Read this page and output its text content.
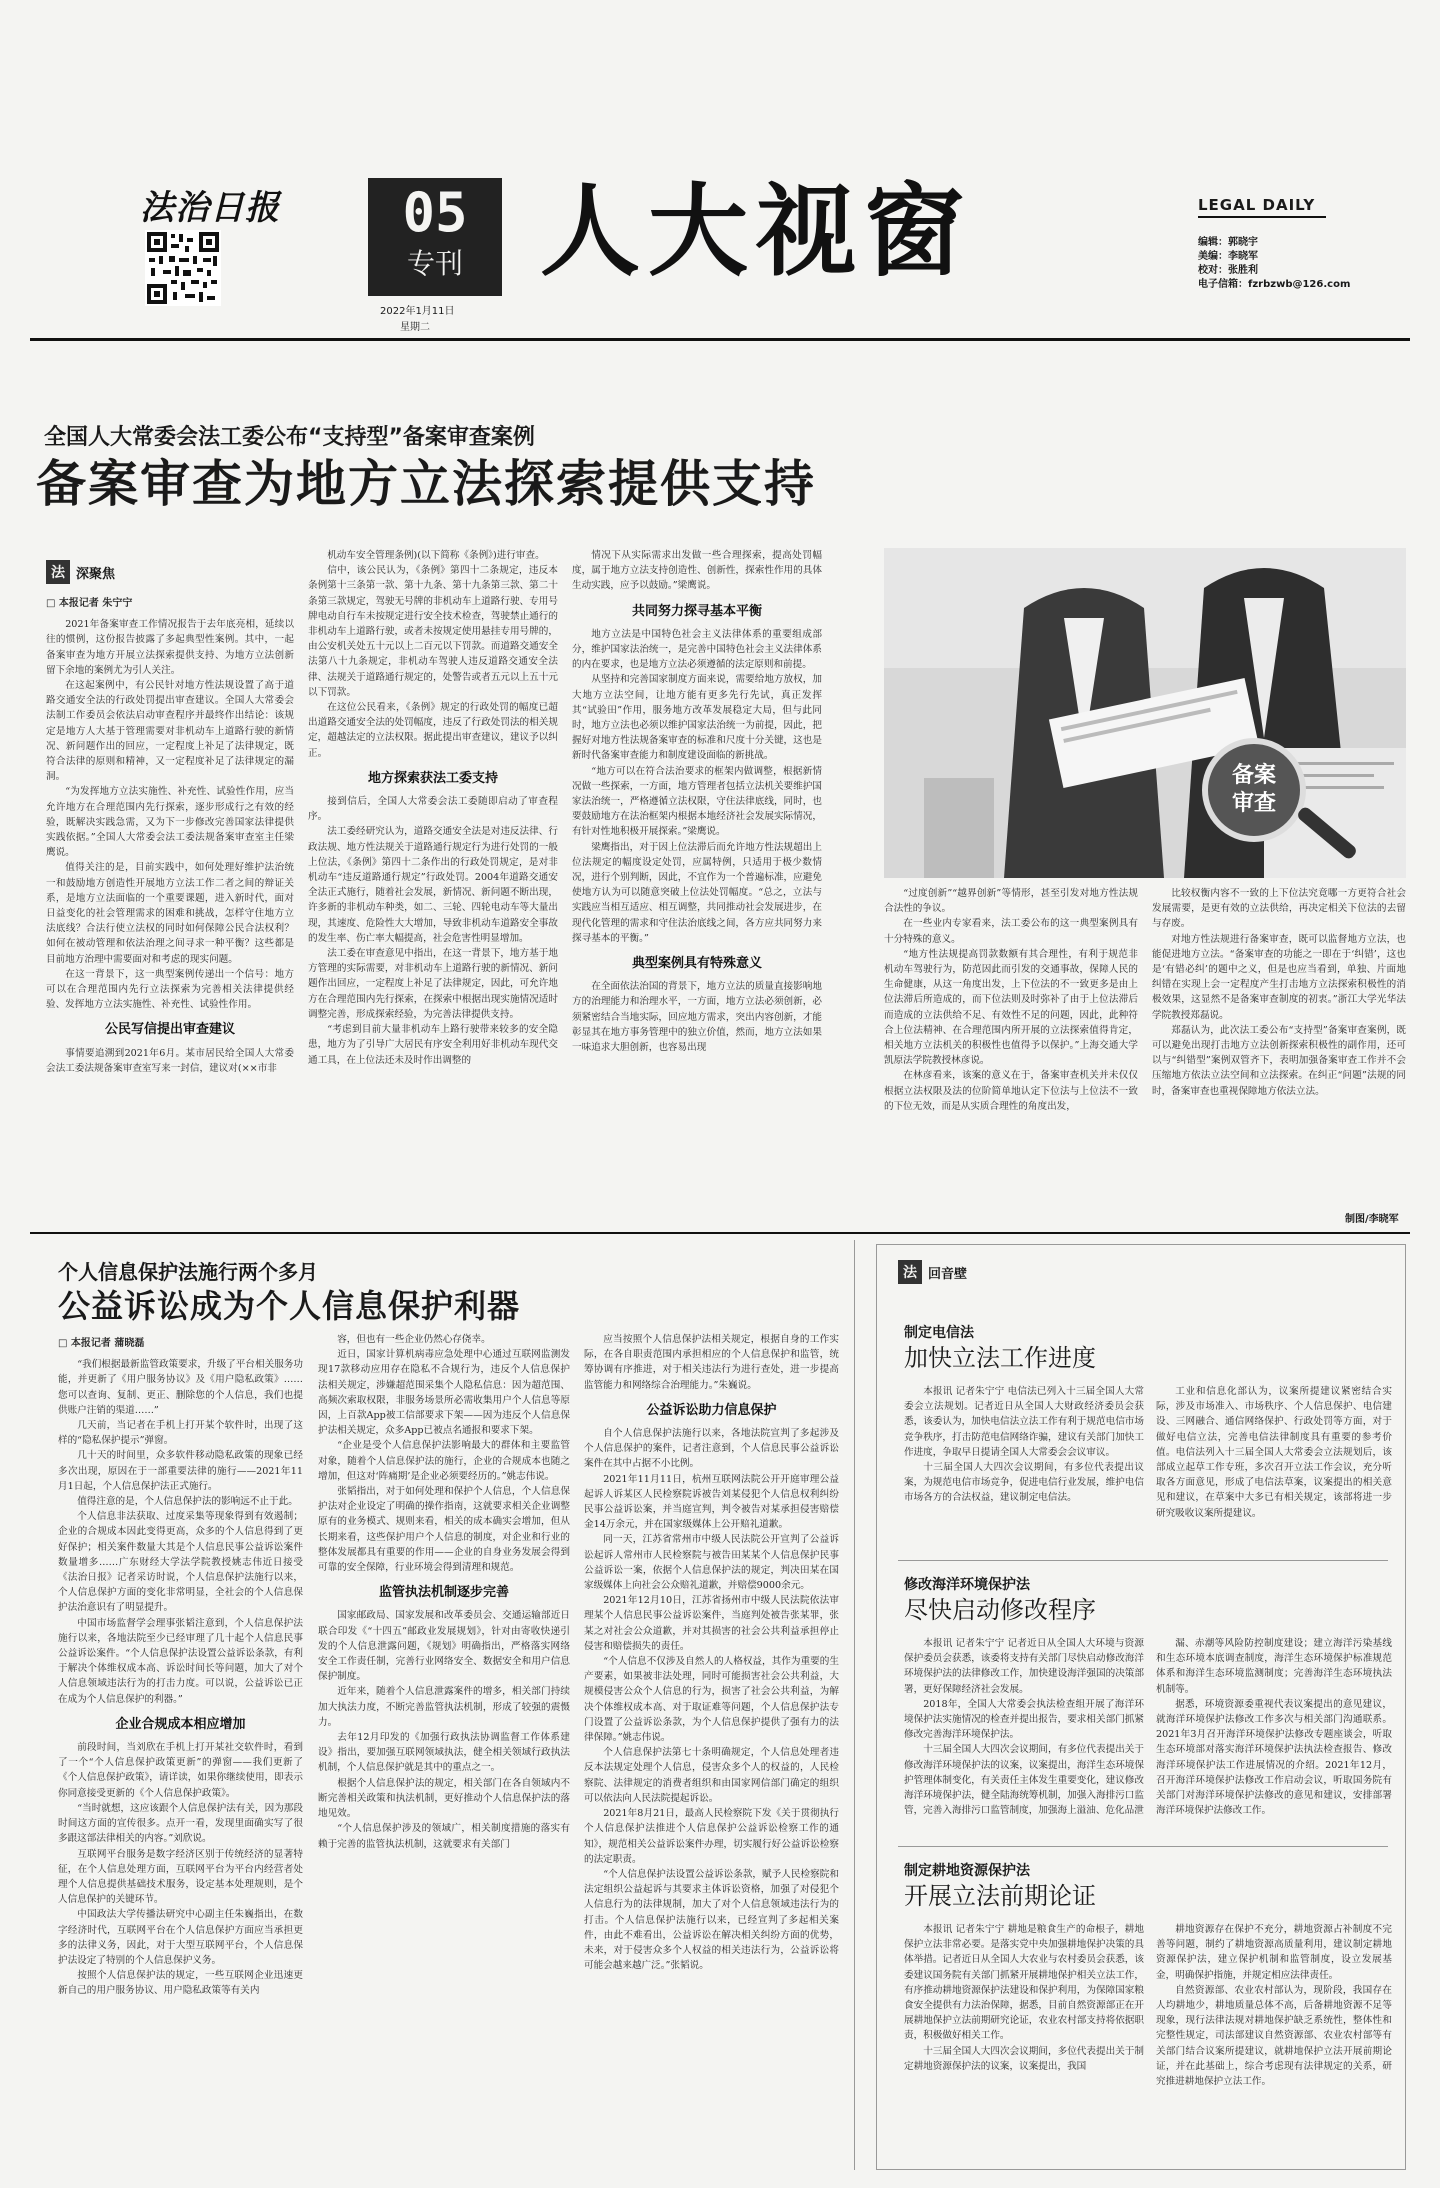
法治日报	05
专刊
2022年1月11日
星期二
人大视窗	LEGAL DAILY
编辑：郭晓宇
美编：李晓军
校对：张胜利
电子信箱：fzrbzwb@126.com
全国人大常委会法工委公布“支持型”备案审查案例
备案审查为地方立法探索提供支持
法 深聚焦
□ 本报记者 朱宁宁

2021年备案审查工作情况报告于去年底亮相，延续以往的惯例，这份报告披露了多起典型性案例。其中，一起备案审查为地方开展立法探索提供支持、为地方立法创新留下余地的案例尤为引人关注。

在这起案例中，有公民针对地方性法规设置了高于道路交通安全法的行政处罚提出审查建议。全国人大常委会法制工作委员会依法启动审查程序并最终作出结论：该规定是地方人大基于管理需要对非机动车上道路行驶的新情况、新问题作出的回应，一定程度上补足了法律规定，既符合法律的原则和精神，又一定程度补足了法律规定的漏洞。

“为发挥地方立法实施性、补充性、试验性作用，应当允许地方在合理范围内先行探索，逐步形成行之有效的经验，既解决实践急需，又为下一步修改完善国家法律提供实践依据。”全国人大常委会法工委法规备案审查室主任梁鹰说。

值得关注的是，目前实践中，如何处理好维护法治统一和鼓励地方创造性开展地方立法工作二者之间的辩证关系，是地方立法面临的一个重要课题，进入新时代，面对日益变化的社会管理需求的困难和挑战，怎样守住地方立法底线？合法行使立法权的同时如何保障公民合法权利？如何在被动管理和依法治理之间寻求一种平衡？这些都是目前地方治理中需要面对和考虑的现实问题。

在这一背景下，这一典型案例传递出一个信号：地方可以在合理范围内先行立法探索为完善相关法律提供经验、发挥地方立法实施性、补充性、试验性作用。

公民写信提出审查建议

事情要追溯到2021年6月。某市居民给全国人大常委会法工委法规备案审查室写来一封信，建议对(××市非

机动车安全管理条例)(以下简称《条例》)进行审查。

信中，该公民认为，《条例》第四十二条规定，违反本条例第十三条第一款、第十九条、第十九条第三款、第二十条第三款规定，驾驶无号牌的非机动车上道路行驶、专用号牌电动自行车未按规定进行安全技术检查，驾驶禁止通行的非机动车上道路行驶，或者未按规定使用悬挂专用号牌的，由公安机关处五十元以上二百元以下罚款。而道路交通安全法第八十九条规定，非机动车驾驶人违反道路交通安全法律、法规关于道路通行规定的，处警告或者五元以上五十元以下罚款。

在这位公民看来，《条例》规定的行政处罚的幅度已超出道路交通安全法的处罚幅度，违反了行政处罚法的相关规定，超越法定的立法权限。据此提出审查建议，建议予以纠正。

地方探索获法工委支持

接到信后，全国人大常委会法工委随即启动了审查程序。

法工委经研究认为，道路交通安全法是对违反法律、行政法规、地方性法规关于道路通行规定行为进行处罚的一般上位法，《条例》第四十二条作出的行政处罚规定，是对非机动车“违反道路通行规定”行政处罚。2004年道路交通安全法正式施行，随着社会发展，新情况、新问题不断出现，许多新的非机动车种类，如二、三轮、四轮电动车等大量出现，其速度、危险性大大增加，导致非机动车道路安全事故的发生率、伤亡率大幅提高，社会危害性明显增加。

法工委在审查意见中指出，在这一背景下，地方基于地方管理的实际需要，对非机动车上道路行驶的新情况、新问题作出回应，一定程度上补足了法律规定，因此，可允许地方在合理范围内先行探索，在探索中根据出现实施情况适时调整完善，形成探索经验，为完善法律提供支持。

“考虑到目前大量非机动车上路行驶带来较多的安全隐患，地方为了引导广大居民有序安全利用好非机动车现代交通工具，在上位法还未及时作出调整的

情况下从实际需求出发做一些合理探索，提高处罚幅度，属于地方立法支持创造性、创新性，探索性作用的具体生动实践，应予以鼓励。”梁鹰说。

共同努力探寻基本平衡

地方立法是中国特色社会主义法律体系的重要组成部分，维护国家法治统一，是完善中国特色社会主义法律体系的内在要求，也是地方立法必须遵循的法定原则和前提。

从坚持和完善国家制度方面来说，需要给地方放权，加大地方立法空间，让地方能有更多先行先试，真正发挥其“试验田”作用，服务地方改革发展稳定大局，但与此同时，地方立法也必须以维护国家法治统一为前提，因此，把握好对地方性法规备案审查的标准和尺度十分关键，这也是新时代备案审查能力和制度建设面临的新挑战。

“地方可以在符合法治要求的框架内做调整，根据新情况做一些探索，一方面，地方管理者包括立法机关要维护国家法治统一，严格遵循立法权限，守住法律底线，同时，也要鼓励地方在法治框架内根据本地经济社会发展实际情况，有针对性地积极开展探索。”梁鹰说。

梁鹰指出，对于因上位法滞后而允许地方性法规超出上位法规定的幅度设定处罚，应属特例，只适用于极少数情况，进行个别判断，因此，不宜作为一个普遍标准，应避免使地方认为可以随意突破上位法处罚幅度。“总之，立法与实践应当相互适应、相互调整，共同推动社会发展进步，在现代化管理的需求和守住法治底线之间，各方应共同努力来探寻基本的平衡。”

典型案例具有特殊意义

在全面依法治国的背景下，地方立法的质量直接影响地方的治理能力和治理水平，一方面，地方立法必须创新，必须紧密结合当地实际，回应地方需求，突出内容创新，才能彰显其在地方事务管理中的独立价值，然而，地方立法如果一味追求大胆创新，也容易出现

备案
审查

“过度创新”“越界创新”等情形，甚至引发对地方性法规合法性的争议。

在一些业内专家看来，法工委公布的这一典型案例具有十分特殊的意义。

“地方性法规提高罚款数额有其合理性，有利于规范非机动车驾驶行为，防范因此而引发的交通事故，保障人民的生命健康，从这一角度出发，上下位法的不一致更多是由上位法滞后所造成的，而下位法则及时弥补了由于上位法滞后而造成的立法供给不足、有效性不足的问题，因此，此种符合上位法精神、在合理范围内所开展的立法探索值得肯定，相关地方立法机关的积极性也值得予以保护。”上海交通大学凯原法学院教授林彦说。

在林彦看来，该案的意义在于，备案审查机关并未仅仅根据立法权限及法的位阶简单地认定下位法与上位法不一致的下位无效，而是从实质合理性的角度出发，

比较权衡内容不一致的上下位法究竟哪一方更符合社会发展需要，是更有效的立法供给，再决定相关下位法的去留与存废。

对地方性法规进行备案审查，既可以监督地方立法，也能促进地方立法。“备案审查的功能之一即在于‘纠错’，这也是‘有错必纠’的题中之义，但是也应当看到，单独、片面地纠错在实现上会一定程度产生打击地方立法探索积极性的消极效果，这显然不是备案审查制度的初衷。”浙江大学光华法学院教授郑磊说。

郑磊认为，此次法工委公布“支持型”备案审查案例，既可以避免出现打击地方立法创新探索积极性的副作用，还可以与“纠错型”案例双管齐下，表明加强备案审查工作并不会压缩地方依法立法空间和立法探索。在纠正“问题”法规的同时，备案审查也重视保障地方依法立法。

制图/李晓军
个人信息保护法施行两个多月
公益诉讼成为个人信息保护利器
□ 本报记者 蒲晓磊

“我们根据最新监管政策要求，升级了平台相关服务功能，并更新了《用户服务协议》及《用户隐私政策》……您可以查询、复制、更正、删除您的个人信息，我们也提供账户注销的渠道……”

几天前，当记者在手机上打开某个软件时，出现了这样的“隐私保护提示”弹窗。

几十天的时间里，众多软件移动隐私政策的现象已经多次出现，原因在于一部重要法律的施行——2021年11月1日起，个人信息保护法正式施行。

值得注意的是，个人信息保护法的影响远不止于此。

个人信息非法获取、过度采集等现象得到有效遏制；企业的合规成本因此变得更高，众多的个人信息得到了更好保护；相关案件数量大其是个人信息民事公益诉讼案件数量增多……广东财经大学法学院教授姚志伟近日接受《法治日报》记者采访时说，个人信息保护法施行以来，个人信息保护方面的变化非常明显，全社会的个人信息保护法治意识有了明显提升。

中国市场监督学会理事张韬注意到，个人信息保护法施行以来，各地法院至少已经审理了几十起个人信息民事公益诉讼案件。“个人信息保护法设置公益诉讼条款，有利于解决个体维权成本高、诉讼时间长等问题，加大了对个人信息领域违法行为的打击力度。可以说，公益诉讼已正在成为个人信息保护的利器。”

企业合规成本相应增加

前段时间，当刘欣在手机上打开某社交软件时，看到了一个“个人信息保护政策更新”的弹窗——我们更新了《个人信息保护政策》，请详读，如果你继续使用，即表示你同意接受更新的《个人信息保护政策》。

“当时就想，这应该跟个人信息保护法有关，因为那段时间这方面的宣传很多。点开一看，发现里面确实写了很多跟这部法律相关的内容。”刘欣说。

互联网平台服务是数字经济区别于传统经济的显著特征，在个人信息处理方面，互联网平台为平台内经营者处理个人信息提供基础技术服务，设定基本处理规则，是个人信息保护的关键环节。

中国政法大学传播法研究中心副主任朱巍指出，在数字经济时代，互联网平台在个人信息保护方面应当承担更多的法律义务，因此，对于大型互联网平台，个人信息保护法设定了特别的个人信息保护义务。

按照个人信息保护法的规定，一些互联网企业迅速更新自己的用户服务协议、用户隐私政策等有关内

容，但也有一些企业仍然心存侥幸。

近日，国家计算机病毒应急处理中心通过互联网监测发现17款移动应用存在隐私不合规行为，违反个人信息保护法相关规定，涉嫌超范围采集个人隐私信息：因为超范围、高频次索取权限，非服务场景所必需收集用户个人信息等原因，上百款App被工信部要求下架——因为违反个人信息保护法相关规定，众多App已被点名通报和要求下架。

“企业是受个人信息保护法影响最大的群体和主要监管对象，随着个人信息保护法的施行，企业的合规成本也随之增加，但这对‘阵痛期’是企业必须要经历的。”姚志伟说。

张韬指出，对于如何处理和保护个人信息，个人信息保护法对企业设定了明确的操作指南，这就要求相关企业调整原有的业务模式、规则来看，相关的成本确实会增加，但从长期来看，这些保护用户个人信息的制度，对企业和行业的整体发展都具有重要的作用——企业的自身业务发展会得到可靠的安全保障，行业环境会得到清理和规范。

监管执法机制逐步完善

国家邮政局、国家发展和改革委员会、交通运输部近日联合印发《“十四五”邮政业发展规划》，针对由寄收快递引发的个人信息泄露问题，《规划》明确指出，严格落实网络安全工作责任制，完善行业网络安全、数据安全和用户信息保护制度。

近年来，随着个人信息泄露案件的增多，相关部门持续加大执法力度，不断完善监管执法机制，形成了较强的震慑力。

去年12月印发的《加强行政执法协调监督工作体系建设》指出，要加强互联网领域执法，健全相关领域行政执法机制，个人信息保护就是其中的重点之一。

根据个人信息保护法的规定，相关部门在各自领域内不断完善相关政策和执法机制，更好推动个人信息保护法的落地见效。

“个人信息保护涉及的领域广，相关制度措施的落实有赖于完善的监管执法机制，这就要求有关部门

应当按照个人信息保护法相关规定，根据自身的工作实际，在各自职责范围内承担相应的个人信息保护和监管，统筹协调有序推进，对于相关违法行为进行查处，进一步提高监管能力和网络综合治理能力。”朱巍说。

公益诉讼助力信息保护

自个人信息保护法施行以来，各地法院宣判了多起涉及个人信息保护的案件，记者注意到，个人信息民事公益诉讼案件在其中占据不小比例。

2021年11月11日，杭州互联网法院公开开庭审理公益起诉人诉某区人民检察院诉被告刘某侵犯个人信息权利纠纷民事公益诉讼案，并当庭宣判，判令被告对某承担侵害赔偿金14万余元，并在国家级媒体上公开赔礼道歉。

同一天，江苏省常州市中级人民法院公开宣判了公益诉讼起诉人常州市人民检察院与被告田某某个人信息保护民事公益诉讼一案，依据个人信息保护法的规定，判决田某在国家级媒体上向社会公众赔礼道歉，并赔偿9000余元。

2021年12月10日，江苏省扬州市中级人民法院依法审理某个人信息民事公益诉讼案件，当庭判处被告张某罪，张某之对社会公众道歉，并对其损害的社会公共利益承担停止侵害和赔偿损失的责任。

“个人信息不仅涉及自然人的人格权益，其作为重要的生产要素，如果被非法处理，同时可能损害社会公共利益，大规模侵害公众个人信息的行为，损害了社会公共利益，为解决个体维权成本高、对于取证难等问题，个人信息保护法专门设置了公益诉讼条款，为个人信息保护提供了强有力的法律保障。”姚志伟说。

个人信息保护法第七十条明确规定，个人信息处理者违反本法规定处理个人信息，侵害众多个人的权益的，人民检察院、法律规定的消费者组织和由国家网信部门确定的组织可以依法向人民法院提起诉讼。

2021年8月21日，最高人民检察院下发《关于贯彻执行个人信息保护法推进个人信息保护公益诉讼检察工作的通知》，规范相关公益诉讼案件办理，切实履行好公益诉讼检察的法定职责。

“个人信息保护法设置公益诉讼条款，赋予人民检察院和法定组织公益起诉与其要求主体诉讼资格，加强了对侵犯个人信息行为的法律规制，加大了对个人信息领域违法行为的打击。个人信息保护法施行以来，已经宣判了多起相关案件，由此不难看出，公益诉讼在解决相关纠纷方面的优势，未来，对于侵害众多个人权益的相关违法行为，公益诉讼将可能会越来越广泛。”张韬说。

法 回音壁
制定电信法
加快立法工作进度

本报讯 记者朱宁宁 电信法已列入十三届全国人大常委会立法规划。记者近日从全国人大财政经济委员会获悉，该委认为，加快电信法立法工作有利于规范电信市场竞争秩序，打击防范电信网络诈骗，建议有关部门加快工作进度，争取早日提请全国人大常委会会议审议。

十三届全国人大四次会议期间，有多位代表提出议案，为规范电信市场竞争，促进电信行业发展，维护电信市场各方的合法权益，建议制定电信法。

工业和信息化部认为，议案所提建议紧密结合实际，涉及市场准入、市场秩序、个人信息保护、电信建设、三网融合、通信网络保护、行政处罚等方面，对于做好电信立法，完善电信法律制度具有重要的参考价值。电信法列入十三届全国人大常委会立法规划后，该部成立起草工作专班，多次召开立法工作会议，充分听取各方面意见，形成了电信法草案，议案提出的相关意见和建议，在草案中大多已有相关规定，该部将进一步研究吸收议案所提建议。

修改海洋环境保护法
尽快启动修改程序

本报讯 记者朱宁宁 记者近日从全国人大环境与资源保护委员会获悉，该委将支持有关部门尽快启动修改海洋环境保护法的法律修改工作，加快建设海洋强国的决策部署，更好保障经济社会发展。

2018年，全国人大常委会执法检查组开展了海洋环境保护法实施情况的检查并提出报告，要求相关部门抓紧修改完善海洋环境保护法。

十三届全国人大四次会议期间，有多位代表提出关于修改海洋环境保护法的议案，议案提出，海洋生态环境保护管理体制变化，有关责任主体发生重要变化，建议修改海洋环境保护法，健全陆海统筹机制，加强入海排污口监管，完善入海排污口监管制度，加强海上溢油、危化品泄

漏、赤潮等风险防控制度建设；建立海洋污染基线和生态环境本底调查制度，海洋生态环境保护标准规范体系和海洋生态环境监测制度；完善海洋生态环境执法机制等。

据悉，环境资源委重视代表议案提出的意见建议，就海洋环境保护法修改工作多次与相关部门沟通联系。2021年3月召开海洋环境保护法修改专题座谈会，听取生态环境部对落实海洋环境保护法执法检查报告、修改海洋环境保护法工作进展情况的介绍。2021年12月，召开海洋环境保护法修改工作启动会议，听取国务院有关部门对海洋环境保护法修改的意见和建议，安排部署海洋环境保护法修改工作。

制定耕地资源保护法
开展立法前期论证

本报讯 记者朱宁宁 耕地是粮食生产的命根子，耕地保护立法非常必要。是落实党中央加强耕地保护决策的具体举措。记者近日从全国人大农业与农村委员会获悉，该委建议国务院有关部门抓紧开展耕地保护相关立法工作，有序推动耕地资源保护法建设和保护利用，为保障国家粮食安全提供有力法治保障，据悉，目前自然资源部正在开展耕地保护立法前期研究论证，农业农村部支持将依据职责，积极做好相关工作。

十三届全国人大四次会议期间，多位代表提出关于制定耕地资源保护法的议案，议案提出，我国

耕地资源存在保护不充分，耕地资源占补制度不完善等问题，制约了耕地资源高质量利用，建议制定耕地资源保护法，建立保护机制和监管制度，设立发展基金，明确保护指施，并规定相应法律责任。

自然资源部、农业农村部认为，现阶段，我国存在人均耕地少，耕地质量总体不高，后备耕地资源不足等现象，现行法律法规对耕地保护缺乏系统性，整体性和完整性规定，司法部建议自然资源部、农业农村部等有关部门结合议案所提建议，就耕地保护立法开展前期论证，并在此基础上，综合考虑现有法律规定的关系，研究推进耕地保护立法工作。
